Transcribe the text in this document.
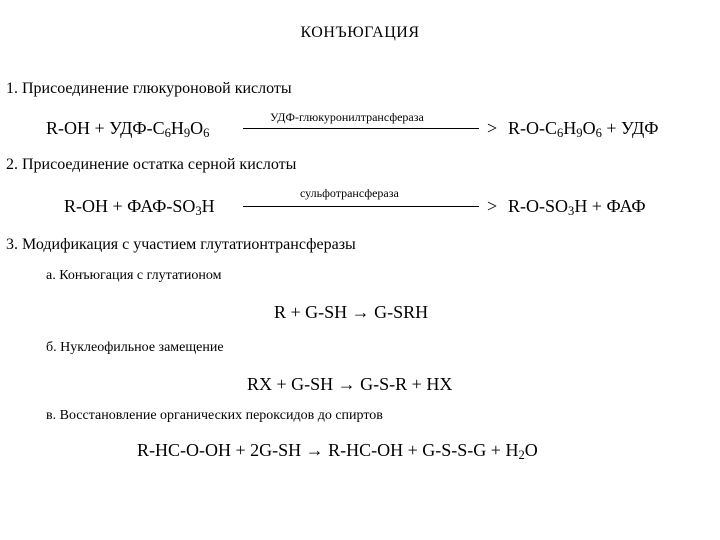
КОНЪЮГАЦИЯ
1. Присоединение глюкуроновой кислоты
R-OH + УДФ-$С_6H_9O_6$
УДФ-глюкуронилтрансфераза
> $R-O-C_6H_9O_6$ + УДФ
2. Присоединение остатка серной кислоты
R-OH + ФАФ-$SO_3H$
сульфотрансфераза
> $R-O-SO_3H$ + ФАФ
3. Модификация с участием глутатионтрансферазы
а. Конъюгация с глутатионом
R + G-SH → G-SRH
б. Нуклеофильное замещение
RX + G-SH → G-S-R + HX
в. Восстановление органических пероксидов до спиртов
$R-HC-O-OH + 2G-SH \to R-HC-OH + G-S-S-G + H_2O$
